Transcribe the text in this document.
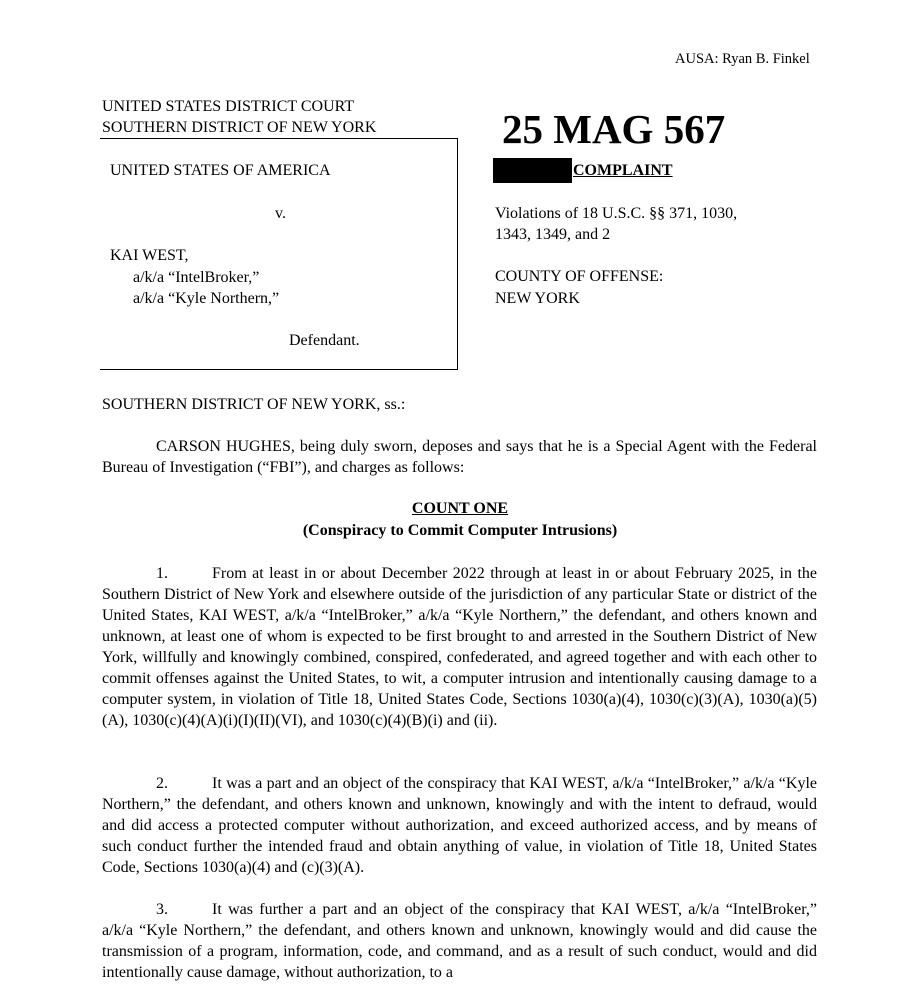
AUSA: Ryan B. Finkel
UNITED STATES DISTRICT COURT
SOUTHERN DISTRICT OF NEW YORK	25 MAG 567
UNITED STATES OF AMERICA
v.
KAI WEST,
a/k/a “IntelBroker,”
a/k/a “Kyle Northern,”
Defendant.
COMPLAINT
Violations of 18 U.S.C. §§ 371, 1030,
1343, 1349, and 2
COUNTY OF OFFENSE:
NEW YORK
SOUTHERN DISTRICT OF NEW YORK, ss.:
CARSON HUGHES, being duly sworn, deposes and says that he is a Special Agent with the Federal Bureau of Investigation (“FBI”), and charges as follows:
COUNT ONE
(Conspiracy to Commit Computer Intrusions)
1.	From at least in or about December 2022 through at least in or about February 2025, in the Southern District of New York and elsewhere outside of the jurisdiction of any particular State or district of the United States, KAI WEST, a/k/a “IntelBroker,” a/k/a “Kyle Northern,” the defendant, and others known and unknown, at least one of whom is expected to be first brought to and arrested in the Southern District of New York, willfully and knowingly combined, conspired, confederated, and agreed together and with each other to commit offenses against the United States, to wit, a computer intrusion and intentionally causing damage to a computer system, in violation of Title 18, United States Code, Sections 1030(a)(4), 1030(c)(3)(A), 1030(a)(5)(A), 1030(c)(4)(A)(i)(I)(II)(VI), and 1030(c)(4)(B)(i) and (ii).
2.	It was a part and an object of the conspiracy that KAI WEST, a/k/a “IntelBroker,” a/k/a “Kyle Northern,” the defendant, and others known and unknown, knowingly and with the intent to defraud, would and did access a protected computer without authorization, and exceed authorized access, and by means of such conduct further the intended fraud and obtain anything of value, in violation of Title 18, United States Code, Sections 1030(a)(4) and (c)(3)(A).
3.	It was further a part and an object of the conspiracy that KAI WEST, a/k/a “IntelBroker,” a/k/a “Kyle Northern,” the defendant, and others known and unknown, knowingly would and did cause the transmission of a program, information, code, and command, and as a result of such conduct, would and did intentionally cause damage, without authorization, to a
